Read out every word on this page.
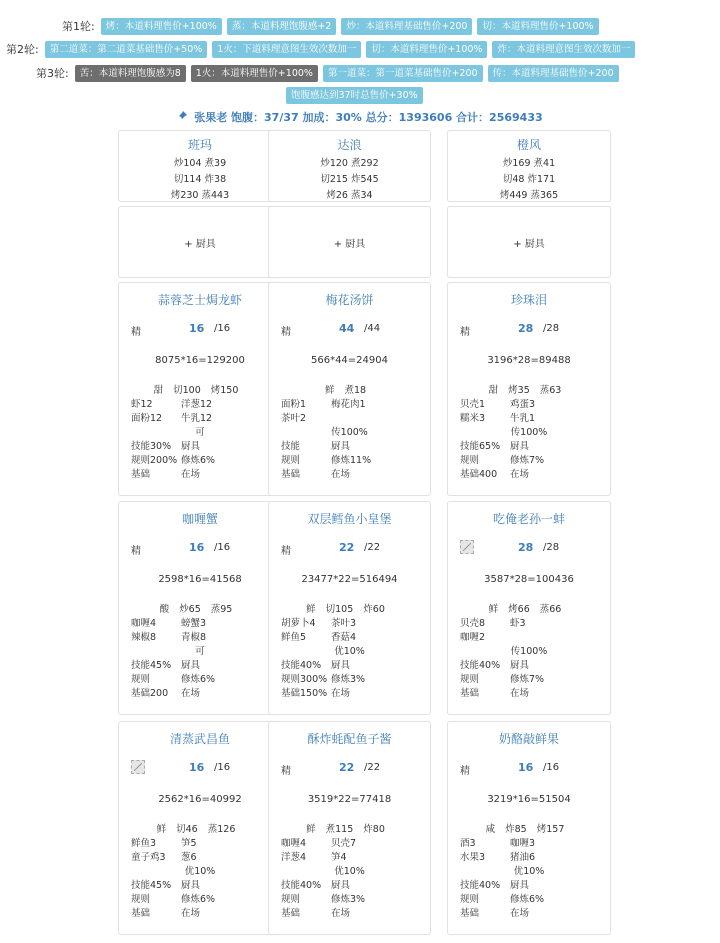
第1轮:	烤：本道料理售价+100%	蒸：本道料理饱腹感+2	炒：本道料理基础售价+200	切：本道料理售价+100%
第2轮:	第二道菜：第二道菜基础售价+50%	1火：下道料理意图生效次数加一	切：本道料理售价+100%	炸：本道料理意图生效次数加一
第3轮:	苦：本道料理饱腹感为8	1火：本道料理售价+100%	第一道菜：第一道菜基础售价+200	传：本道料理基础售价+200
饱腹感达到37时总售价+30%
张果老 饱腹：37/37 加成：30% 总分：1393606 合计：2569433
班玛
炒104 煮39
切114 炸38
烤230 蒸443
达浪
炒120 煮292
切215 炸545
烤26 蒸34
橙风
炒169 煮41
切48 炸171
烤449 蒸365
+ 厨具	+ 厨具	+ 厨具
蒜蓉芝士焗龙虾
精	16 /16
8075*16=129200
甜 切100 烤150
虾12	洋葱12
面粉12	牛乳12
可
技能30%	厨具
规则200% 修炼6%
基础	在场
梅花汤饼
精	44 /44
566*44=24904
鲜 煮18
面粉1	梅花肉1
茶叶2
传100%
技能	厨具
规则	修炼11%
基础	在场
珍珠泪
精	28 /28
3196*28=89488
甜 烤35 蒸63
贝壳1	鸡蛋3
糯米3	牛乳1
传100%
技能65%	厨具
规则	修炼7%
基础400	在场
咖喱蟹
精	16 /16
2598*16=41568
酸 炒65 蒸95
咖喱4	螃蟹3
辣椒8	青椒8
可
技能45%	厨具
规则	修炼6%
基础200	在场
双层鳕鱼小皇堡
精	22 /22
23477*22=516494
鲜 切105 炸60
胡萝卜4	茶叶3
鲜鱼5	香菇4
优10%
技能40%	厨具
规则300% 修炼3%
基础150% 在场
吃俺老孙一蚌
28 /28
3587*28=100436
鲜 烤66 蒸66
贝壳8	虾3
咖喱2
传100%
技能40%	厨具
规则	修炼7%
基础	在场
清蒸武昌鱼
16 /16
2562*16=40992
鲜 切46 蒸126
鲜鱼3	笋5
童子鸡3	葱6
优10%
技能45%	厨具
规则	修炼6%
基础	在场
酥炸蚝配鱼子酱
精	22 /22
3519*22=77418
鲜 煮115 炸80
咖喱4	贝壳7
洋葱4	笋4
优10%
技能40%	厨具
规则	修炼3%
基础	在场
奶酪敲鲜果
精	16 /16
3219*16=51504
咸 炸85 烤157
酒3	咖喱3
水果3	猪油6
优10%
技能40%	厨具
规则	修炼6%
基础	在场
